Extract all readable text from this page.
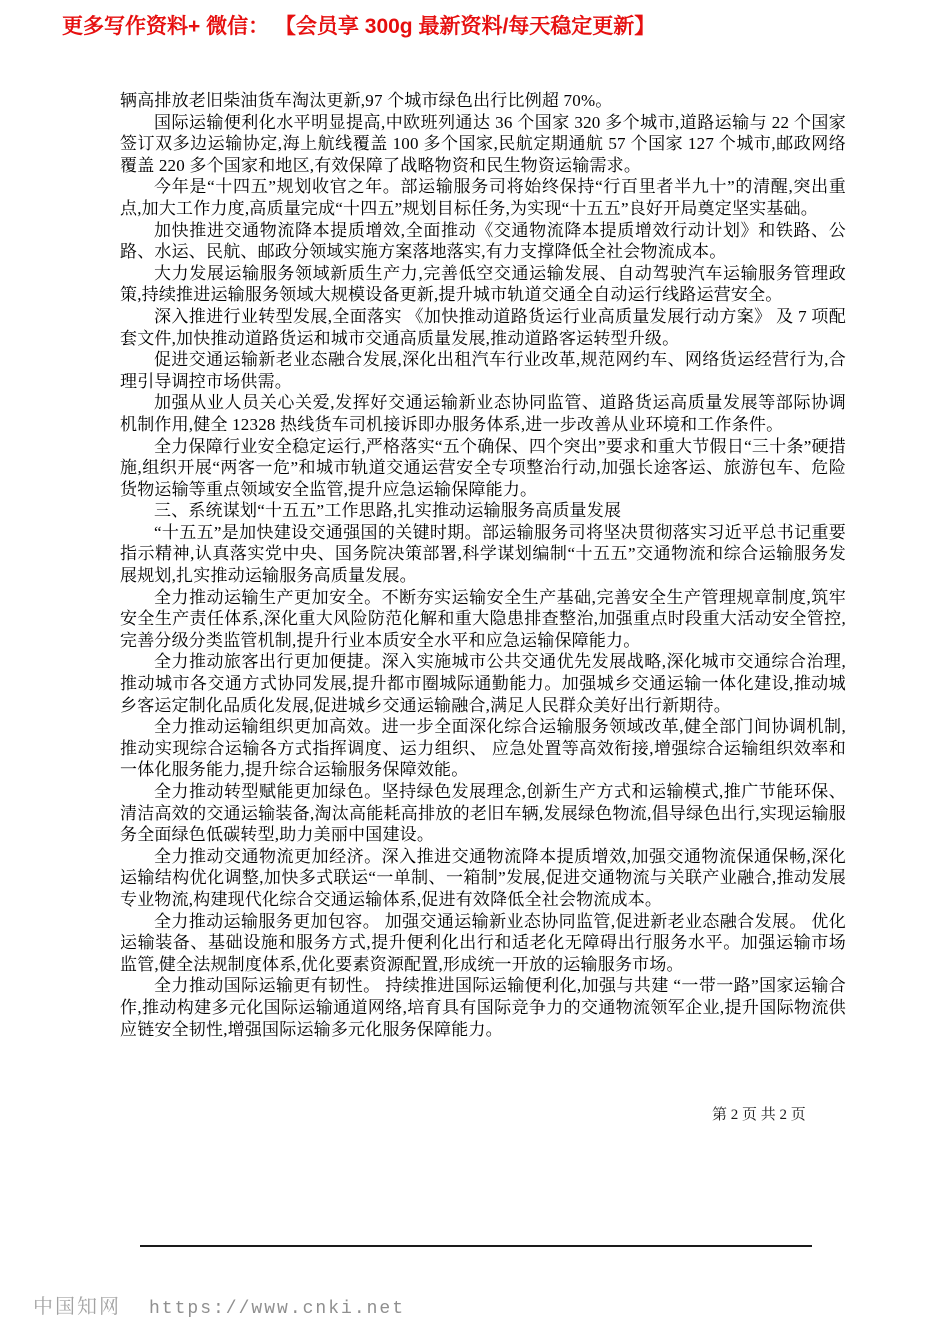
更多写作资料+ 微信： 【会员享 300g 最新资料/每天稳定更新】

辆高排放老旧柴油货车淘汰更新,97 个城市绿色出行比例超 70%。

国际运输便利化水平明显提高,中欧班列通达 36 个国家 320 多个城市,道路运输与 22 个国家签订双多边运输协定,海上航线覆盖 100 多个国家,民航定期通航 57 个国家 127 个城市,邮政网络覆盖 220 多个国家和地区,有效保障了战略物资和民生物资运输需求。

今年是“十四五”规划收官之年。部运输服务司将始终保持“行百里者半九十”的清醒,突出重点,加大工作力度,高质量完成“十四五”规划目标任务,为实现“十五五”良好开局奠定坚实基础。

加快推进交通物流降本提质增效,全面推动《交通物流降本提质增效行动计划》和铁路、公路、水运、民航、邮政分领域实施方案落地落实,有力支撑降低全社会物流成本。

大力发展运输服务领域新质生产力,完善低空交通运输发展、自动驾驶汽车运输服务管理政策,持续推进运输服务领域大规模设备更新,提升城市轨道交通全自动运行线路运营安全。

深入推进行业转型发展,全面落实 《加快推动道路货运行业高质量发展行动方案》 及 7 项配套文件,加快推动道路货运和城市交通高质量发展,推动道路客运转型升级。

促进交通运输新老业态融合发展,深化出租汽车行业改革,规范网约车、网络货运经营行为,合理引导调控市场供需。

加强从业人员关心关爱,发挥好交通运输新业态协同监管、道路货运高质量发展等部际协调机制作用,健全 12328 热线货车司机接诉即办服务体系,进一步改善从业环境和工作条件。

全力保障行业安全稳定运行,严格落实“五个确保、四个突出”要求和重大节假日“三十条”硬措施,组织开展“两客一危”和城市轨道交通运营安全专项整治行动,加强长途客运、旅游包车、危险货物运输等重点领域安全监管,提升应急运输保障能力。

三、系统谋划“十五五”工作思路,扎实推动运输服务高质量发展

“十五五”是加快建设交通强国的关键时期。部运输服务司将坚决贯彻落实习近平总书记重要指示精神,认真落实党中央、国务院决策部署,科学谋划编制“十五五”交通物流和综合运输服务发展规划,扎实推动运输服务高质量发展。

全力推动运输生产更加安全。不断夯实运输安全生产基础,完善安全生产管理规章制度,筑牢安全生产责任体系,深化重大风险防范化解和重大隐患排查整治,加强重点时段重大活动安全管控,完善分级分类监管机制,提升行业本质安全水平和应急运输保障能力。

全力推动旅客出行更加便捷。深入实施城市公共交通优先发展战略,深化城市交通综合治理,推动城市各交通方式协同发展,提升都市圈城际通勤能力。加强城乡交通运输一体化建设,推动城乡客运定制化品质化发展,促进城乡交通运输融合,满足人民群众美好出行新期待。

全力推动运输组织更加高效。进一步全面深化综合运输服务领域改革,健全部门间协调机制,推动实现综合运输各方式指挥调度、运力组织、 应急处置等高效衔接,增强综合运输组织效率和一体化服务能力,提升综合运输服务保障效能。

全力推动转型赋能更加绿色。坚持绿色发展理念,创新生产方式和运输模式,推广节能环保、清洁高效的交通运输装备,淘汰高能耗高排放的老旧车辆,发展绿色物流,倡导绿色出行,实现运输服务全面绿色低碳转型,助力美丽中国建设。

全力推动交通物流更加经济。深入推进交通物流降本提质增效,加强交通物流保通保畅,深化运输结构优化调整,加快多式联运“一单制、一箱制”发展,促进交通物流与关联产业融合,推动发展专业物流,构建现代化综合交通运输体系,促进有效降低全社会物流成本。

全力推动运输服务更加包容。 加强交通运输新业态协同监管,促进新老业态融合发展。 优化运输装备、基础设施和服务方式,提升便利化出行和适老化无障碍出行服务水平。加强运输市场监管,健全法规制度体系,优化要素资源配置,形成统一开放的运输服务市场。

全力推动国际运输更有韧性。 持续推进国际运输便利化,加强与共建 “一带一路”国家运输合作,推动构建多元化国际运输通道网络,培育具有国际竞争力的交通物流领军企业,提升国际物流供应链安全韧性,增强国际运输多元化服务保障能力。

第 2 页 共 2 页
中国知网 https://www.cnki.net
